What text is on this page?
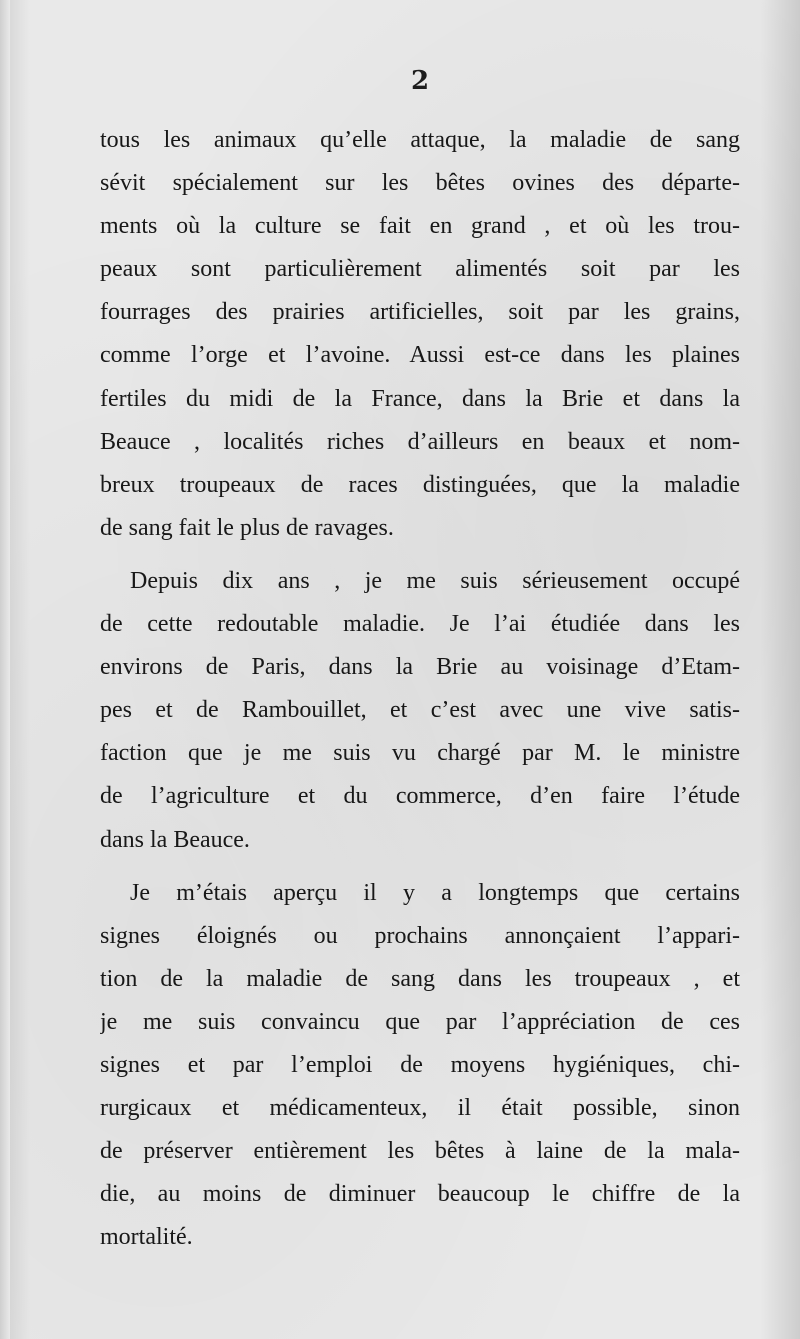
2
tous les animaux qu’elle attaque, la maladie de sang
sévit spécialement sur les bêtes ovines des départe-
ments où la culture se fait en grand , et où les trou-
peaux sont particulièrement alimentés soit par les
fourrages des prairies artificielles, soit par les grains,
comme l’orge et l’avoine. Aussi est-ce dans les plaines
fertiles du midi de la France, dans la Brie et dans la
Beauce , localités riches d’ailleurs en beaux et nom-
breux troupeaux de races distinguées, que la maladie
de sang fait le plus de ravages.
Depuis dix ans , je me suis sérieusement occupé
de cette redoutable maladie. Je l’ai étudiée dans les
environs de Paris, dans la Brie au voisinage d’Etam-
pes et de Rambouillet, et c’est avec une vive satis-
faction que je me suis vu chargé par M. le ministre
de l’agriculture et du commerce, d’en faire l’étude
dans la Beauce.
Je m’étais aperçu il y a longtemps que certains
signes éloignés ou prochains annonçaient l’appari-
tion de la maladie de sang dans les troupeaux , et
je me suis convaincu que par l’appréciation de ces
signes et par l’emploi de moyens hygiéniques, chi-
rurgicaux et médicamenteux, il était possible, sinon
de préserver entièrement les bêtes à laine de la mala-
die, au moins de diminuer beaucoup le chiffre de la
mortalité.
